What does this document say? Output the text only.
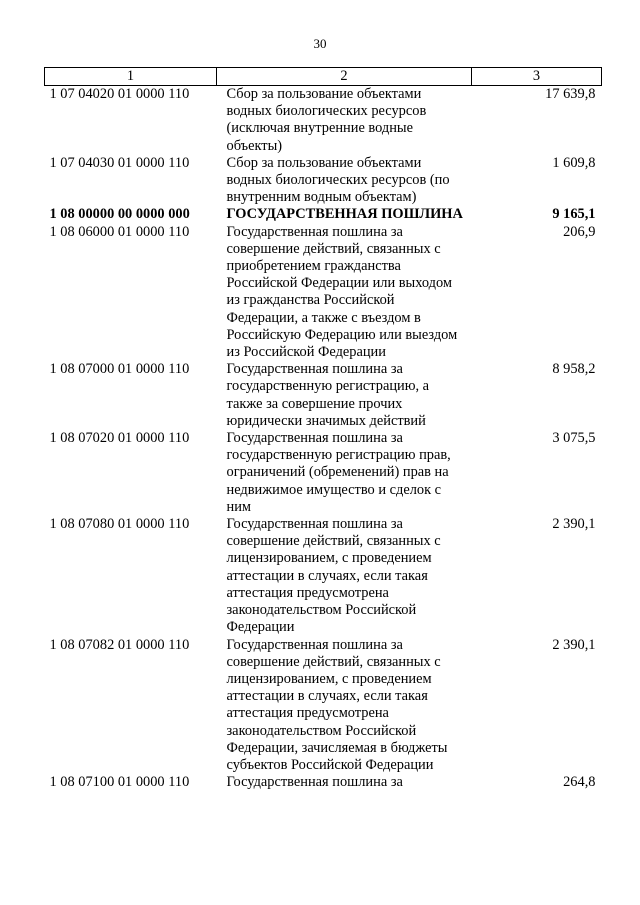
30
1	2	3
1 07 04020 01 0000 110	Сбор за пользование объектами водных биологических ресурсов (исключая внутренние водные объекты)	17 639,8
1 07 04030 01 0000 110	Сбор за пользование объектами водных биологических ресурсов (по внутренним водным объектам)	1 609,8
1 08 00000 00 0000 000	ГОСУДАРСТВЕННАЯ ПОШЛИНА	9 165,1
1 08 06000 01 0000 110	Государственная пошлина за совершение действий, связанных с приобретением гражданства Российской Федерации или выходом из гражданства Российской Федерации, а также с въездом в Российскую Федерацию или выездом из Российской Федерации	206,9
1 08 07000 01 0000 110	Государственная пошлина за государственную регистрацию, а также за совершение прочих юридически значимых действий	8 958,2
1 08 07020 01 0000 110	Государственная пошлина за государственную регистрацию прав, ограничений (обременений) прав на недвижимое имущество и сделок с ним	3 075,5
1 08 07080 01 0000 110	Государственная пошлина за совершение действий, связанных с лицензированием, с проведением аттестации в случаях, если такая аттестация предусмотрена законодательством Российской Федерации	2 390,1
1 08 07082 01 0000 110	Государственная пошлина за совершение действий, связанных с лицензированием, с проведением аттестации в случаях, если такая аттестация предусмотрена законодательством Российской Федерации, зачисляемая в бюджеты субъектов Российской Федерации	2 390,1
1 08 07100 01 0000 110	Государственная пошлина за	264,8
